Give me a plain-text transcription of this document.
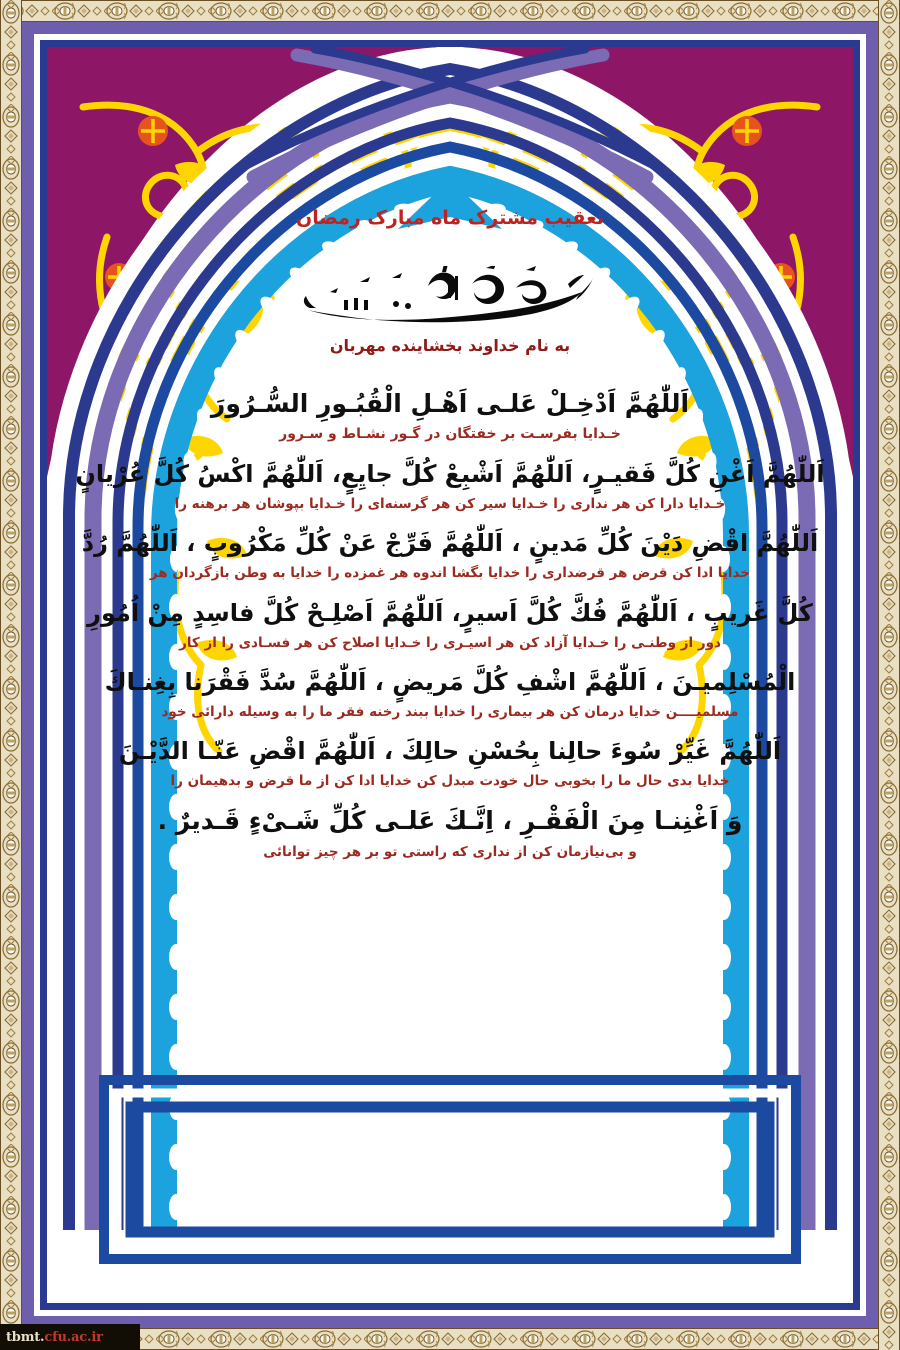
تعقیب مشترک ماه مبارک رمضان
به نام خداوند بخشاینده مهربان
اَللّٰهُمَّ اَدْخِـلْ عَلـى اَهْـلِ الْقُبُـورِ السُّـرُورَ
خـدایا بفرسـت بر خفتگان در گـور نشـاط و سـرور
اَللّٰهُمَّ اَغْنِ كُلَّ فَقيـرٍ، اَللّٰهُمَّ اَشْبِعْ كُلَّ جايِعٍ، اَللّٰهُمَّ اكْسُ كُلَّ عُرْيانٍ
خـدایا دارا کن هر نداری را خـدایا سیر کن هر گرسنه‌ای را خـدایا بپوشان هر برهنه را
اَللّٰهُمَّ اقْضِ دَيْنَ كُلِّ مَدينٍ ، اَللّٰهُمَّ فَرِّجْ عَنْ كُلِّ مَكْرُوبٍ ، اَللّٰهُمَّ رُدَّ
خدایا ادا کن قرض هر قرضداری را خدایا بگشا اندوه هر غمزده را خدایا به وطن بازگردان هر
كُلَّ غَريبٍ ، اَللّٰهُمَّ فُكَّ كُلَّ اَسيرٍ، اَللّٰهُمَّ اَصْلِـحْ كُلَّ فاسِدٍ مِنْ اُمُورِ
دور از وطنـی را خـدایا آزاد کن هر اسیـری را خـدایا اصلاح کن هر فسـادی را از کار
الْمُسْلِميـنَ ، اَللّٰهُمَّ اشْفِ كُلَّ مَريضٍ ، اَللّٰهُمَّ سُدَّ فَقْرَنا بِغِنـاكَ
مسلمیــــن خدایا درمان کن هر بیماری را خدایا ببند رخنه فقر ما را به وسیله دارائی خود
اَللّٰهُمَّ غَيِّرْ سُوءَ حالِنا بِحُسْنِ حالِكَ ، اَللّٰهُمَّ اقْضِ عَنّـا الدَّيْـنَ
خدایا بدی حال ما را بخوبی حال خودت مبدل کن خدایا ادا کن از ما قرض و بدهیمان را
وَ اَغْنِنـا مِنَ الْفَقْـرِ ، اِنَّـكَ عَلـى كُلِّ شَـىْءٍ قَـديرٌ .
و بی‌نیازمان کن از نداری که راستی تو بر هر چیز توانائی
tbmt. cfu.ac.ir
